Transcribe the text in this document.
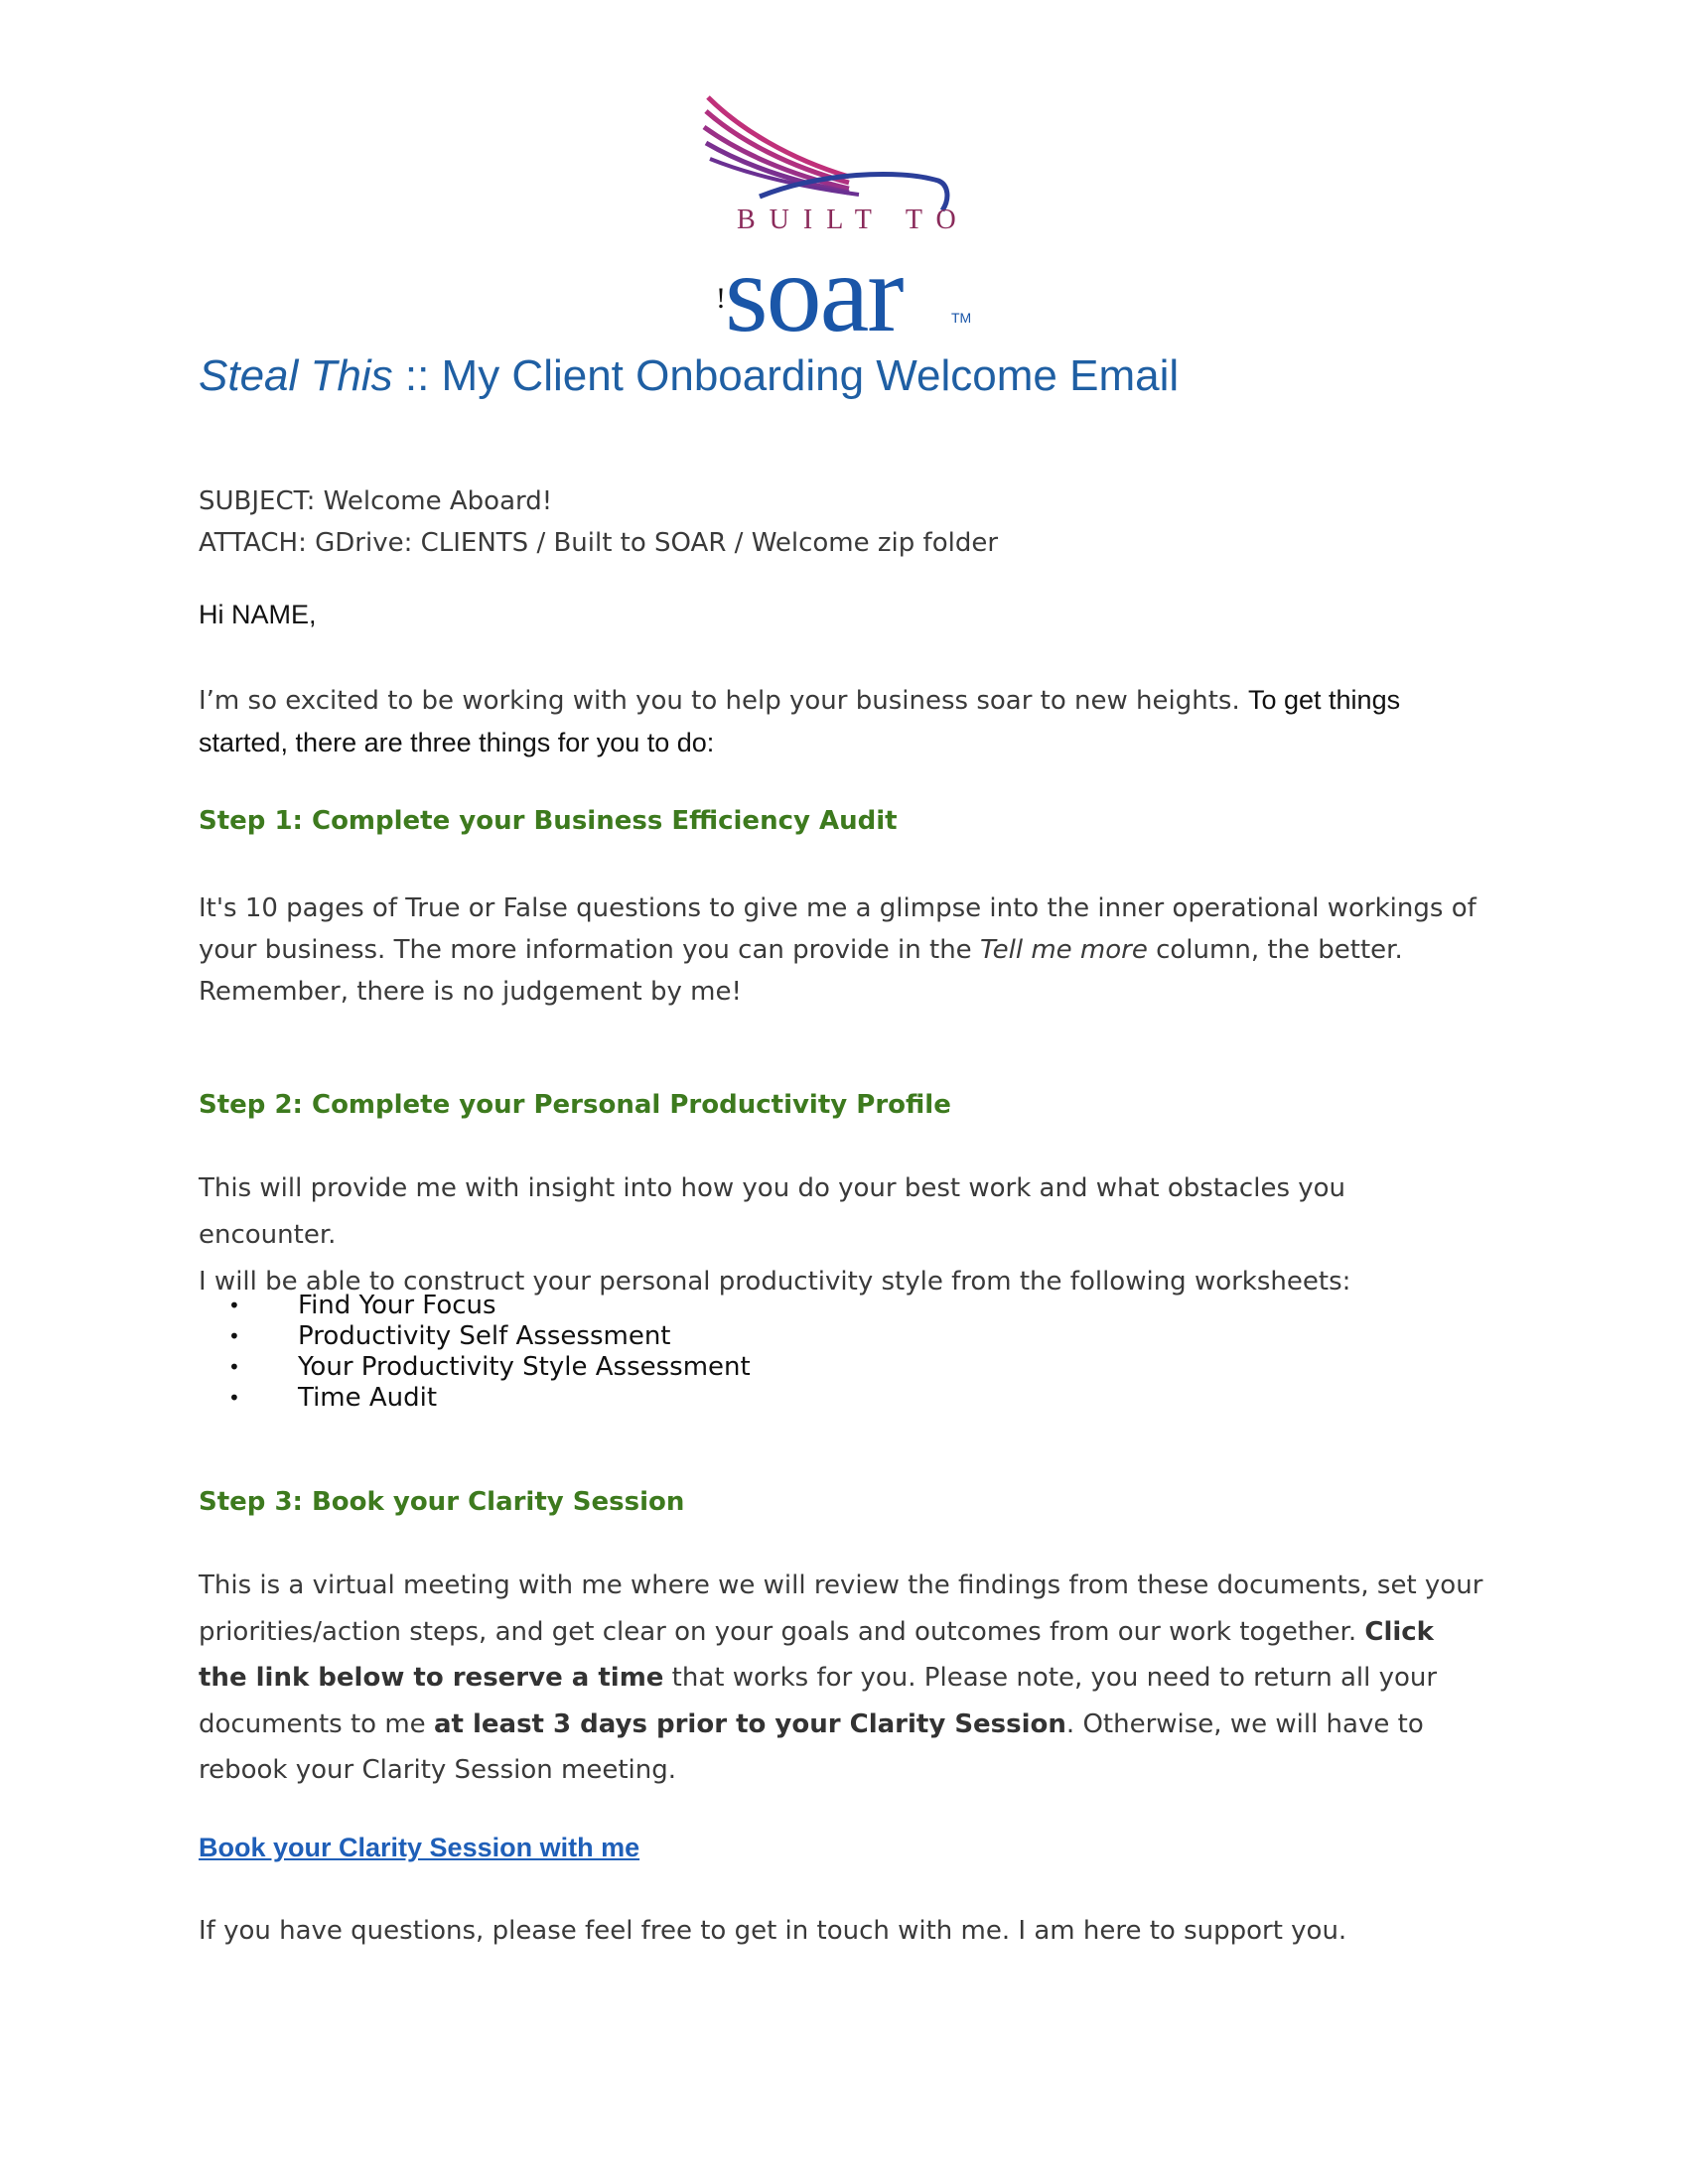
BUILT TO
! soar	TM
Steal This :: My Client Onboarding Welcome Email
SUBJECT: Welcome Aboard!
ATTACH: GDrive: CLIENTS / Built to SOAR / Welcome zip folder
Hi NAME,
I’m so excited to be working with you to help your business soar to new heights. To get things started, there are three things for you to do:
Step 1: Complete your Business Efficiency Audit
It's 10 pages of True or False questions to give me a glimpse into the inner operational workings of your business. The more information you can provide in the Tell me more column, the better. Remember, there is no judgement by me!
Step 2: Complete your Personal Productivity Profile
This will provide me with insight into how you do your best work and what obstacles you encounter.
I will be able to construct your personal productivity style from the following worksheets:
• Find Your Focus
• Productivity Self Assessment
• Your Productivity Style Assessment
• Time Audit
Step 3: Book your Clarity Session
This is a virtual meeting with me where we will review the findings from these documents, set your priorities/action steps, and get clear on your goals and outcomes from our work together. Click the link below to reserve a time that works for you. Please note, you need to return all your documents to me at least 3 days prior to your Clarity Session. Otherwise, we will have to rebook your Clarity Session meeting.
Book your Clarity Session with me
If you have questions, please feel free to get in touch with me. I am here to support you.
